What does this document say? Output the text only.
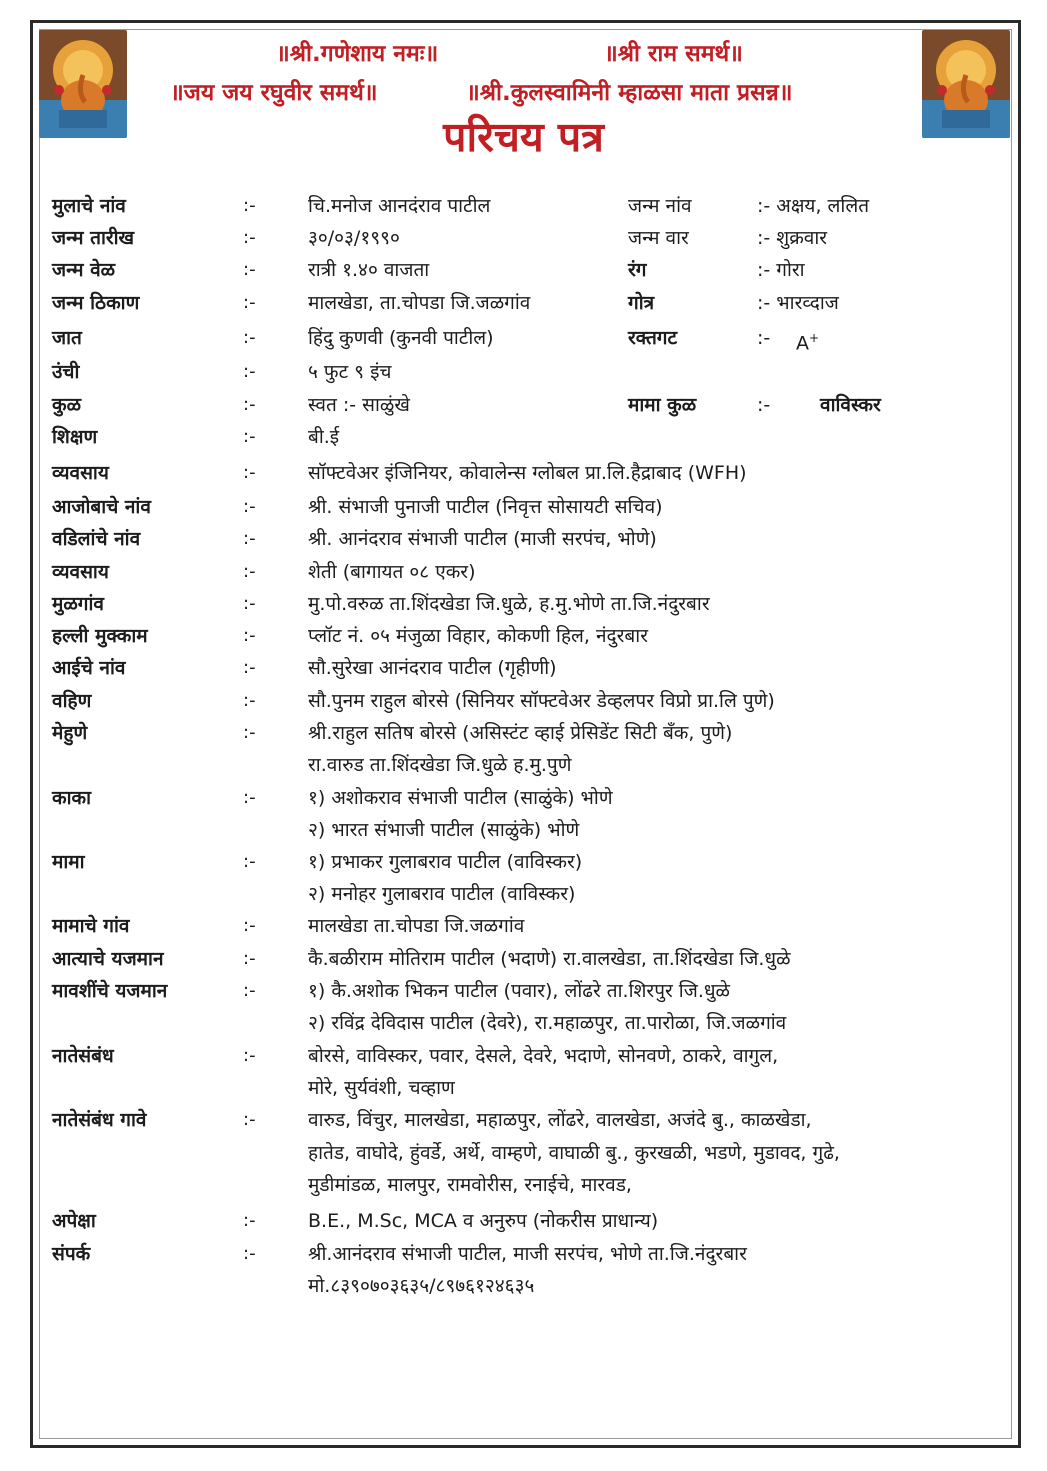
॥श्री.गणेशाय नमः॥	॥श्री राम समर्थ॥
॥जय जय रघुवीर समर्थ॥	॥श्री.कुलस्वामिनी म्हाळसा माता प्रसन्न॥
परिचय पत्र
मुलाचे नांव	:-	चि.मनोज आनदंराव पाटील	जन्म नांव	:- अक्षय, ललित
जन्म तारीख	:-	३०/०३/१९९०	जन्म वार	:- शुक्रवार
जन्म वेळ	:-	रात्री १.४० वाजता	रंग	:- गोरा
जन्म ठिकाण	:-	मालखेडा, ता.चोपडा जि.जळगांव	गोत्र	:- भारव्दाज
जात	:-	हिंदु कुणवी (कुनवी पाटील)	रक्तगट	:- A+
उंची	:-	५ फुट ९ इंच
कुळ	:-	स्वत :- साळुंखे	मामा कुळ	:-	वाविस्कर
शिक्षण	:-	बी.ई
व्यवसाय	:-	सॉफ्टवेअर इंजिनियर, कोवालेन्स ग्लोबल प्रा.लि.हैद्राबाद (WFH)
आजोबाचे नांव	:-	श्री. संभाजी पुनाजी पाटील (निवृत्त सोसायटी सचिव)
वडिलांचे नांव	:-	श्री. आनंदराव संभाजी पाटील (माजी सरपंच, भोणे)
व्यवसाय	:-	शेती (बागायत ०८ एकर)
मुळगांव	:-	मु.पो.वरुळ ता.शिंदखेडा जि.धुळे, ह.मु.भोणे ता.जि.नंदुरबार
हल्ली मुक्काम	:-	प्लॉट नं. ०५ मंजुळा विहार, कोकणी हिल, नंदुरबार
आईचे नांव	:-	सौ.सुरेखा आनंदराव पाटील (गृहीणी)
वहिण	:-	सौ.पुनम राहुल बोरसे (सिनियर सॉफ्टवेअर डेव्हलपर विप्रो प्रा.लि पुणे)
मेहुणे	:-	श्री.राहुल सतिष बोरसे (असिस्टंट व्हाई प्रेसिडेंट सिटी बँक, पुणे)
रा.वारुड ता.शिंदखेडा जि.धुळे ह.मु.पुणे
काका	:-	१) अशोकराव संभाजी पाटील (साळुंके) भोणे
२) भारत संभाजी पाटील (साळुंके) भोणे
मामा	:-	१) प्रभाकर गुलाबराव पाटील (वाविस्कर)
२) मनोहर गुलाबराव पाटील (वाविस्कर)
मामाचे गांव	:-	मालखेडा ता.चोपडा जि.जळगांव
आत्याचे यजमान	:-	कै.बळीराम मोतिराम पाटील (भदाणे) रा.वालखेडा, ता.शिंदखेडा जि.धुळे
मावशींचे यजमान	:-	१) कै.अशोक भिकन पाटील (पवार), लोंढरे ता.शिरपुर जि.धुळे
२) रविंद्र देविदास पाटील (देवरे), रा.महाळपुर, ता.पारोळा, जि.जळगांव
नातेसंबंध	:-	बोरसे, वाविस्कर, पवार, देसले, देवरे, भदाणे, सोनवणे, ठाकरे, वागुल,
मोरे, सुर्यवंशी, चव्हाण
नातेसंबंध गावे	:-	वारुड, विंचुर, मालखेडा, महाळपुर, लोंढरे, वालखेडा, अजंदे बु., काळखेडा,
हातेड, वाघोदे, हुंवर्डे, अर्थे, वाम्हणे, वाघाळी बु., कुरखळी, भडणे, मुडावद, गुढे,
मुडीमांडळ, मालपुर, रामवोरीस, रनाईचे, मारवड,
अपेक्षा	:-	B.E., M.Sc, MCA व अनुरुप (नोकरीस प्राधान्य)
संपर्क	:-	श्री.आनंदराव संभाजी पाटील, माजी सरपंच, भोणे ता.जि.नंदुरबार
मो.८३९०७०३६३५/८९७६१२४६३५
